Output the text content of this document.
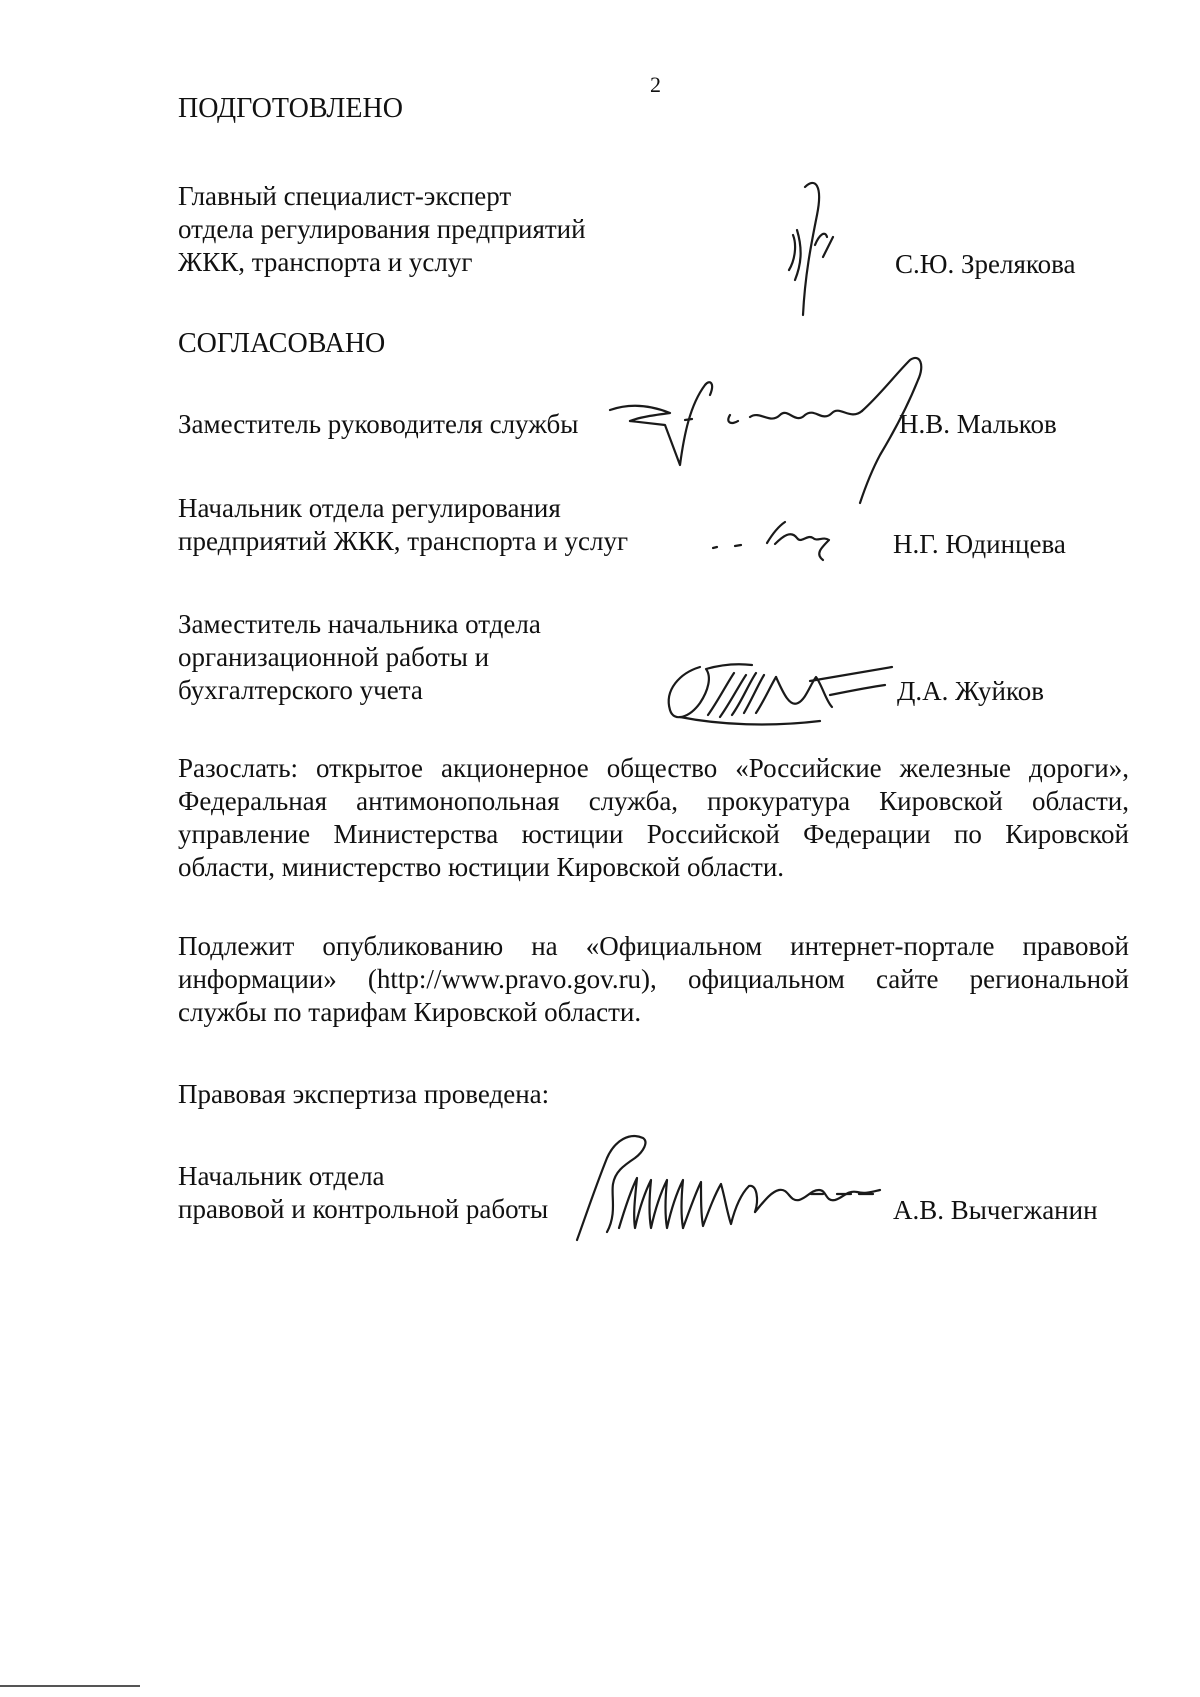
2
ПОДГОТОВЛЕНО
Главный специалист-эксперт
отдела регулирования предприятий
ЖКК, транспорта и услуг	С.Ю. Зрелякова
СОГЛАСОВАНО
Заместитель руководителя службы	Н.В. Мальков
Начальник отдела регулирования
предприятий ЖКК, транспорта и услуг	Н.Г. Юдинцева
Заместитель начальника отдела
организационной работы и
бухгалтерского учета	Д.А. Жуйков
Разослать: открытое акционерное общество «Российские железные дороги»,
Федеральная антимонопольная служба, прокуратура Кировской области,
управление Министерства юстиции Российской Федерации по Кировской
области, министерство юстиции Кировской области.
Подлежит опубликованию на «Официальном интернет-портале правовой
информации» (http://www.pravo.gov.ru), официальном сайте региональной
службы по тарифам Кировской области.
Правовая экспертиза проведена:
Начальник отдела
правовой и контрольной работы	А.В. Вычегжанин
